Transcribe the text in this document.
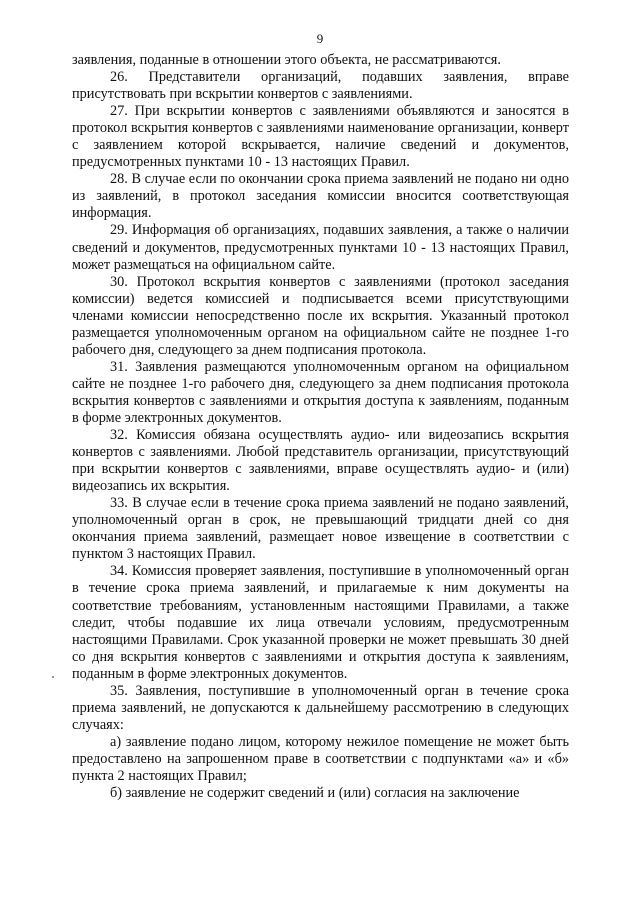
9

заявления, поданные в отношении этого объекта, не рассматриваются.

26. Представители организаций, подавших заявления, вправе присутствовать при вскрытии конвертов с заявлениями.

27. При вскрытии конвертов с заявлениями объявляются и заносятся в протокол вскрытия конвертов с заявлениями наименование организации, конверт с заявлением которой вскрывается, наличие сведений и документов, предусмотренных пунктами 10 - 13 настоящих Правил.

28. В случае если по окончании срока приема заявлений не подано ни одно из заявлений, в протокол заседания комиссии вносится соответствующая информация.

29. Информация об организациях, подавших заявления, а также о наличии сведений и документов, предусмотренных пунктами 10 - 13 настоящих Правил, может размещаться на официальном сайте.

30. Протокол вскрытия конвертов с заявлениями (протокол заседания комиссии) ведется комиссией и подписывается всеми присутствующими членами комиссии непосредственно после их вскрытия. Указанный протокол размещается уполномоченным органом на официальном сайте не позднее 1-го рабочего дня, следующего за днем подписания протокола.

31. Заявления размещаются уполномоченным органом на официальном сайте не позднее 1-го рабочего дня, следующего за днем подписания протокола вскрытия конвертов с заявлениями и открытия доступа к заявлениям, поданным в форме электронных документов.

32. Комиссия обязана осуществлять аудио- или видеозапись вскрытия конвертов с заявлениями. Любой представитель организации, присутствующий при вскрытии конвертов с заявлениями, вправе осуществлять аудио- и (или) видеозапись их вскрытия.

33. В случае если в течение срока приема заявлений не подано заявлений, уполномоченный орган в срок, не превышающий тридцати дней со дня окончания приема заявлений, размещает новое извещение в соответствии с пунктом 3 настоящих Правил.

34. Комиссия проверяет заявления, поступившие в уполномоченный орган в течение срока приема заявлений, и прилагаемые к ним документы на соответствие требованиям, установленным настоящими Правилами, а также следит, чтобы подавшие их лица отвечали условиям, предусмотренным настоящими Правилами. Срок указанной проверки не может превышать 30 дней со дня вскрытия конвертов с заявлениями и открытия доступа к заявлениям, поданным в форме электронных документов.

35. Заявления, поступившие в уполномоченный орган в течение срока приема заявлений, не допускаются к дальнейшему рассмотрению в следующих случаях:

а) заявление подано лицом, которому нежилое помещение не может быть предоставлено на запрошенном праве в соответствии с подпунктами «а» и «б» пункта 2 настоящих Правил;

б) заявление не содержит сведений и (или) согласия на заключение
